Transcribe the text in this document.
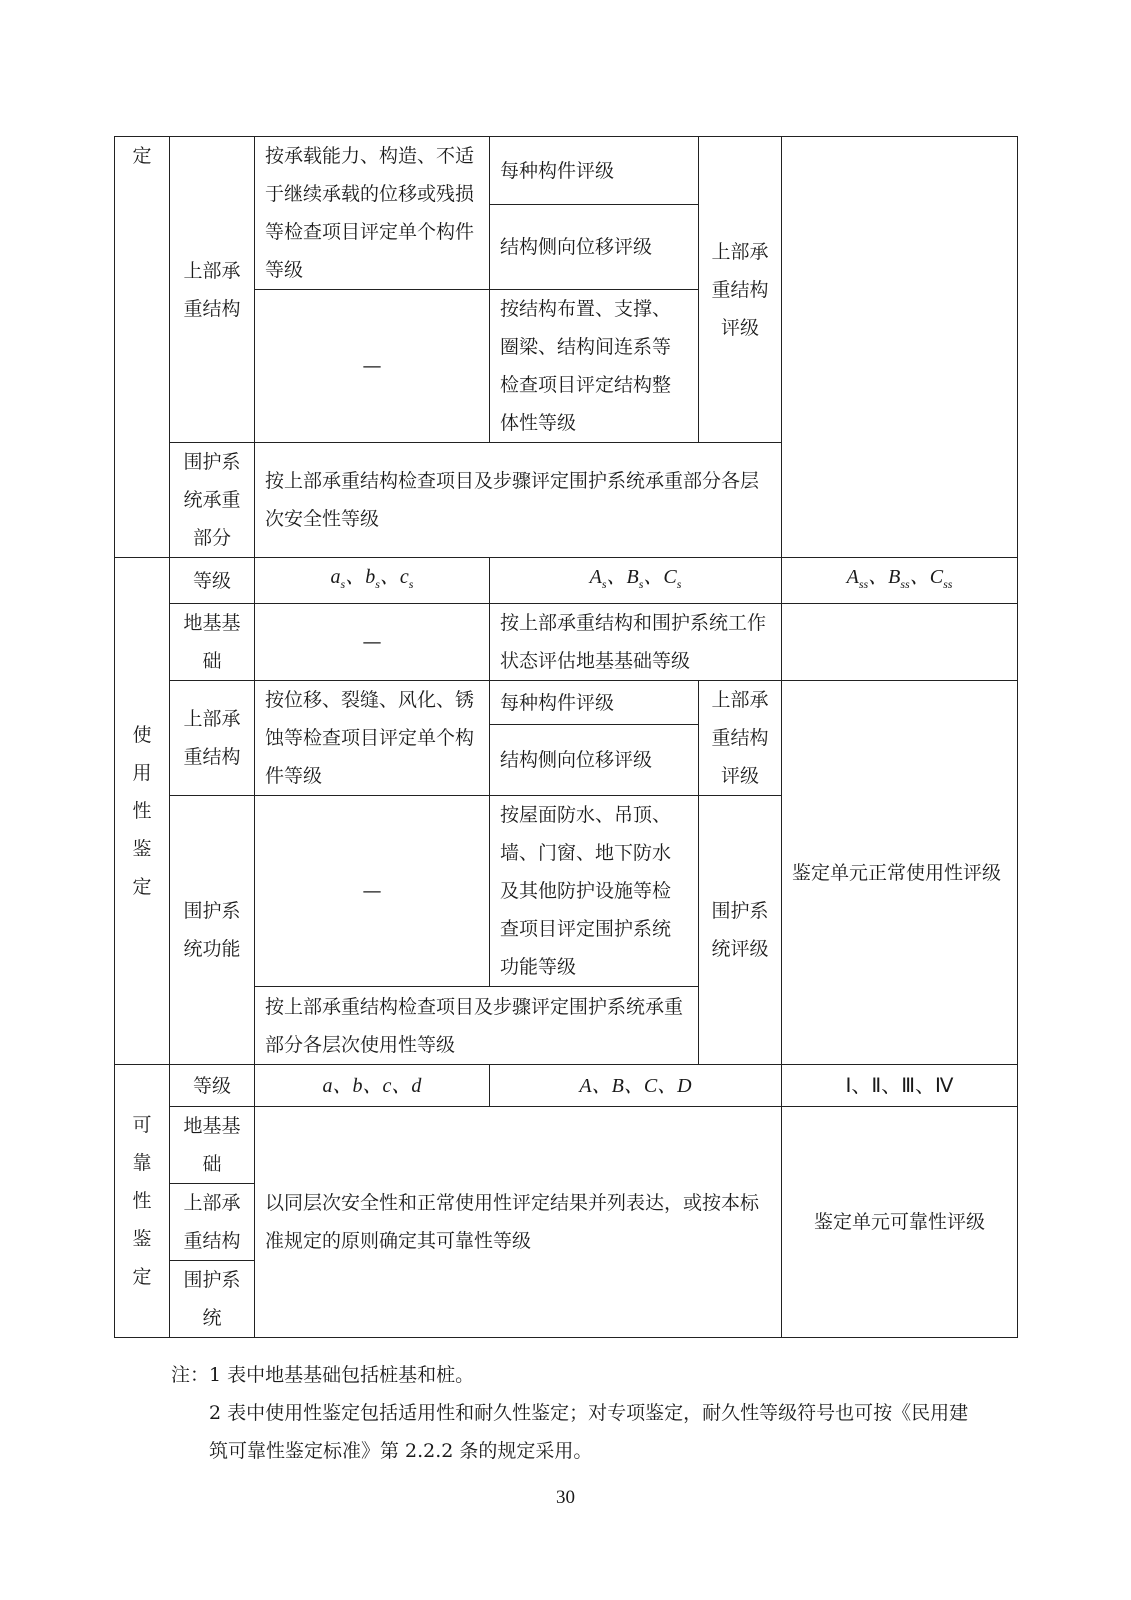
定	上部承重结构	按承载能力、构造、不适于继续承载的位移或残损等检查项目评定单个构件等级	每种构件评级	上部承重结构评级	
			结构侧向位移评级		
		—	按结构布置、支撑、圈梁、结构间连系等检查项目评定结构整体性等级		
	围护系统承重部分	按上部承重结构检查项目及步骤评定围护系统承重部分各层次安全性等级			
使用性鉴定	等级	$a_s$、$b_s$、$c_s$	$A_s$、$B_s$、$C_s$		$A_{ss}$、$B_{ss}$、$C_{ss}$
	地基基础	—	按上部承重结构和围护系统工作状态评估地基基础等级		
	上部承重结构	按位移、裂缝、风化、锈蚀等检查项目评定单个构件等级	每种构件评级	上部承重结构评级	鉴定单元正常使用性评级
			结构侧向位移评级		
	围护系统功能	—	按屋面防水、吊顶、墙、门窗、地下防水及其他防护设施等检查项目评定围护系统功能等级	围护系统评级	
		按上部承重结构检查项目及步骤评定围护系统承重部分各层次使用性等级			
可靠性鉴定	等级	a、b、c、d	A、B、C、D		Ⅰ、Ⅱ、Ⅲ、Ⅳ
	地基基础	以同层次安全性和正常使用性评定结果并列表达，或按本标准规定的原则确定其可靠性等级			鉴定单元可靠性评级
	上部承重结构				
	围护系统				

注：1 表中地基基础包括桩基和桩。

2 表中使用性鉴定包括适用性和耐久性鉴定；对专项鉴定，耐久性等级符号也可按《民用建筑可靠性鉴定标准》第 2.2.2 条的规定采用。

30
